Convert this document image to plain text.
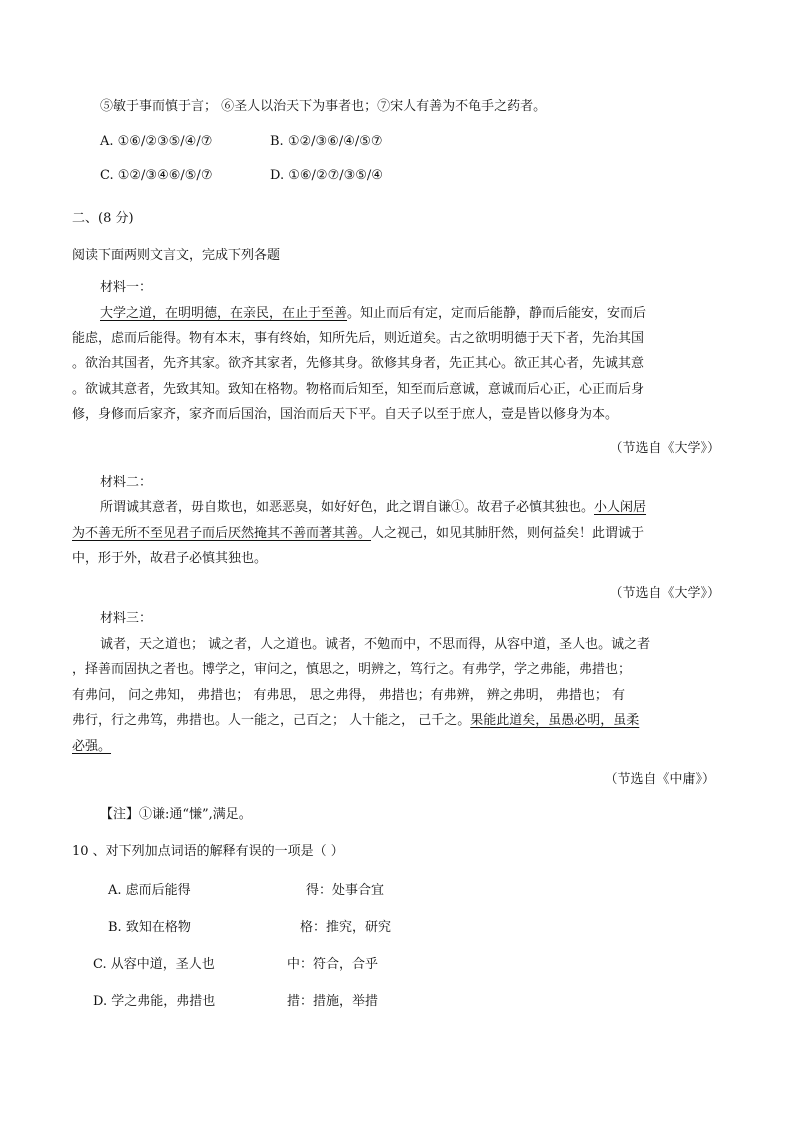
⑤敏于事而慎于言； ⑥圣人以治天下为事者也；⑦宋人有善为不龟手之药者。
A. ①⑥/②③⑤/④/⑦	B. ①②/③⑥/④/⑤⑦
C. ①②/③④⑥/⑤/⑦	D. ①⑥/②⑦/③⑤/④
二、(8 分)
阅读下面两则文言文，完成下列各题
材料一：
大学之道，在明明德，在亲民，在止于至善。知止而后有定，定而后能静，静而后能安，安而后
能虑，虑而后能得。物有本末，事有终始，知所先后，则近道矣。古之欲明明德于天下者，先治其国
。欲治其国者，先齐其家。欲齐其家者，先修其身。欲修其身者，先正其心。欲正其心者，先诚其意
。欲诚其意者，先致其知。致知在格物。物格而后知至，知至而后意诚，意诚而后心正，心正而后身
修，身修而后家齐，家齐而后国治，国治而后天下平。自天子以至于庶人，壹是皆以修身为本。
（节选自《大学》）
材料二：
所谓诚其意者，毋自欺也，如恶恶臭，如好好色，此之谓自谦①。故君子必慎其独也。小人闲居
为不善无所不至见君子而后厌然掩其不善而著其善。人之视己，如见其肺肝然，则何益矣！此谓诚于
中，形于外，故君子必慎其独也。
（节选自《大学》）
材料三：
诚者，天之道也； 诚之者，人之道也。诚者，不勉而中，不思而得，从容中道，圣人也。诚之者
，择善而固执之者也。博学之，审问之，慎思之，明辨之，笃行之。有弗学，学之弗能，弗措也；
有弗问， 问之弗知， 弗措也； 有弗思， 思之弗得， 弗措也；有弗辨， 辨之弗明， 弗措也； 有
弗行，行之弗笃，弗措也。人一能之，己百之； 人十能之， 己千之。果能此道矣，虽愚必明，虽柔
必强。
（节选自《中庸》）
【注】①谦:通“慊”,满足。
10 、对下列加点词语的解释有误的一项是（ ）
A. 虑而后能得	得：处事合宜
B. 致知在格物	格：推究，研究
C. 从容中道，圣人也	中：符合，合乎
D. 学之弗能，弗措也	措：措施，举措
